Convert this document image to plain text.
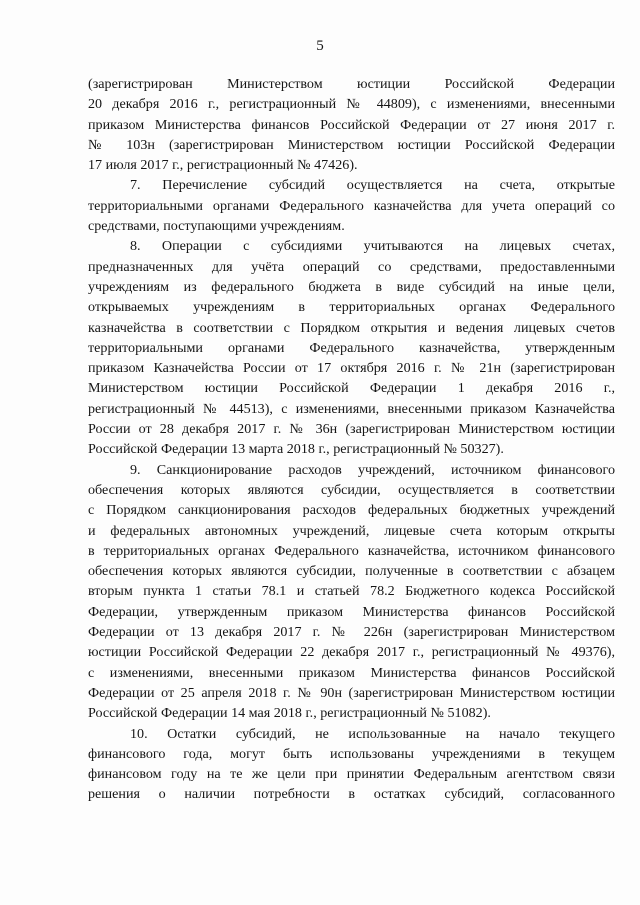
5
(зарегистрирован Министерством юстиции Российской Федерации
20 декабря 2016 г., регистрационный № 44809), с изменениями, внесенными
приказом Министерства финансов Российской Федерации от 27 июня 2017 г.
№ 103н (зарегистрирован Министерством юстиции Российской Федерации
17 июля 2017 г., регистрационный № 47426).
7. Перечисление субсидий осуществляется на счета, открытые
территориальными органами Федерального казначейства для учета операций со
средствами, поступающими учреждениям.
8. Операции с субсидиями учитываются на лицевых счетах,
предназначенных для учёта операций со средствами, предоставленными
учреждениям из федерального бюджета в виде субсидий на иные цели,
открываемых учреждениям в территориальных органах Федерального
казначейства в соответствии с Порядком открытия и ведения лицевых счетов
территориальными органами Федерального казначейства, утвержденным
приказом Казначейства России от 17 октября 2016 г. № 21н (зарегистрирован
Министерством юстиции Российской Федерации 1 декабря 2016 г.,
регистрационный № 44513), с изменениями, внесенными приказом Казначейства
России от 28 декабря 2017 г. № 36н (зарегистрирован Министерством юстиции
Российской Федерации 13 марта 2018 г., регистрационный № 50327).
9. Санкционирование расходов учреждений, источником финансового
обеспечения которых являются субсидии, осуществляется в соответствии
с Порядком санкционирования расходов федеральных бюджетных учреждений
и федеральных автономных учреждений, лицевые счета которым открыты
в территориальных органах Федерального казначейства, источником финансового
обеспечения которых являются субсидии, полученные в соответствии с абзацем
вторым пункта 1 статьи 78.1 и статьей 78.2 Бюджетного кодекса Российской
Федерации, утвержденным приказом Министерства финансов Российской
Федерации от 13 декабря 2017 г. № 226н (зарегистрирован Министерством
юстиции Российской Федерации 22 декабря 2017 г., регистрационный № 49376),
с изменениями, внесенными приказом Министерства финансов Российской
Федерации от 25 апреля 2018 г. № 90н (зарегистрирован Министерством юстиции
Российской Федерации 14 мая 2018 г., регистрационный № 51082).
10. Остатки субсидий, не использованные на начало текущего
финансового года, могут быть использованы учреждениями в текущем
финансовом году на те же цели при принятии Федеральным агентством связи
решения о наличии потребности в остатках субсидий, согласованного
